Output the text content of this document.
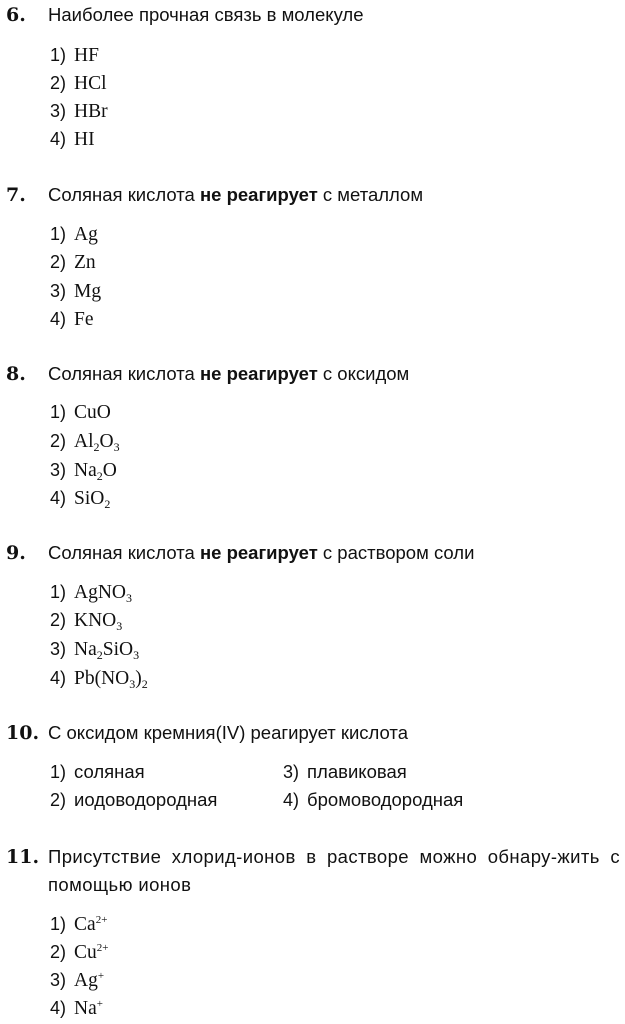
6. Наиболее прочная связь в молекуле
1) HF
2) HCl
3) HBr
4) HI
7. Соляная кислота не реагирует с металлом
1) Ag
2) Zn
3) Mg
4) Fe
8. Соляная кислота не реагирует с оксидом
1) CuO
2) $Al_2O_3$
3) $Na_2O$
4) SiO$_2$
9. Соляная кислота не реагирует с раствором соли
1) AgNO$_3$
2) $KNO_3$
3) $Na_2SiO_3$
4) $Pb(NO_3)_2$
10. С оксидом кремния(IV) реагирует кислота
1) соляная
2) иодоводородная
3) плавиковая
4) бромоводородная
11. Присутствие хлорид-ионов в растворе можно обнару-жить с помощью ионов
1) $Ca^{2+}$
2) $Cu^{2+}$
3) Ag+
4) Na+
